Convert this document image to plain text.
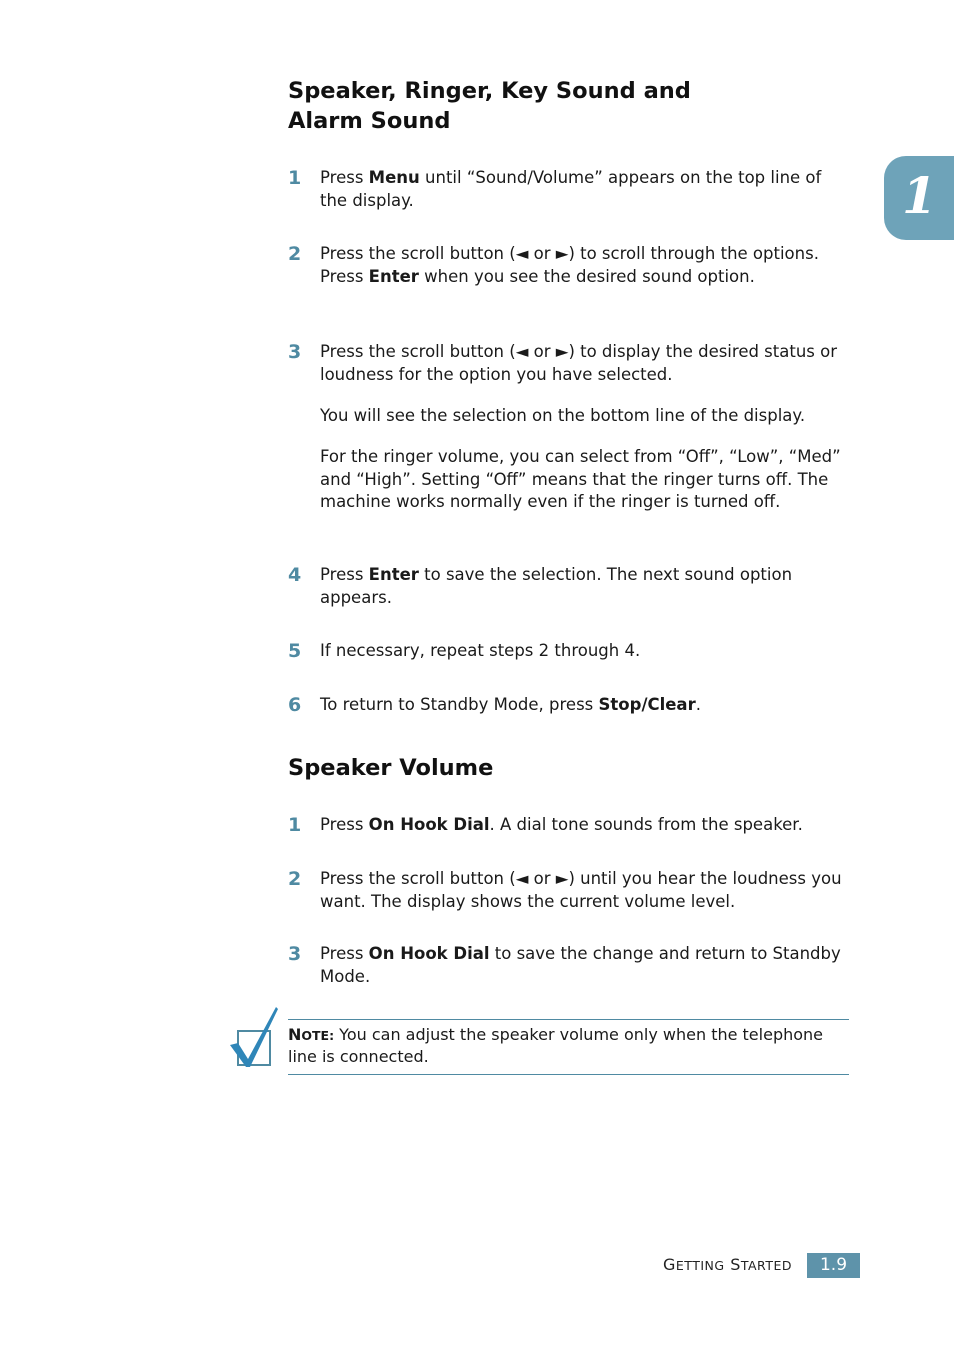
1
Speaker, Ringer, Key Sound and
Alarm Sound
1 Press Menu until “Sound/Volume” appears on the top line of the display.
2 Press the scroll button (◄ or ►) to scroll through the options. Press Enter when you see the desired sound option.
3 Press the scroll button (◄ or ►) to display the desired status or loudness for the option you have selected.
You will see the selection on the bottom line of the display.
For the ringer volume, you can select from “Off”, “Low”, “Med” and “High”. Setting “Off” means that the ringer turns off. The machine works normally even if the ringer is turned off.
4 Press Enter to save the selection. The next sound option appears.
5 If necessary, repeat steps 2 through 4.
6 To return to Standby Mode, press Stop/Clear.
Speaker Volume
1 Press On Hook Dial. A dial tone sounds from the speaker.
2 Press the scroll button (◄ or ►) until you hear the loudness you want. The display shows the current volume level.
3 Press On Hook Dial to save the change and return to Standby Mode.
NOTE: You can adjust the speaker volume only when the telephone line is connected.
GETTING STARTED	1.9
